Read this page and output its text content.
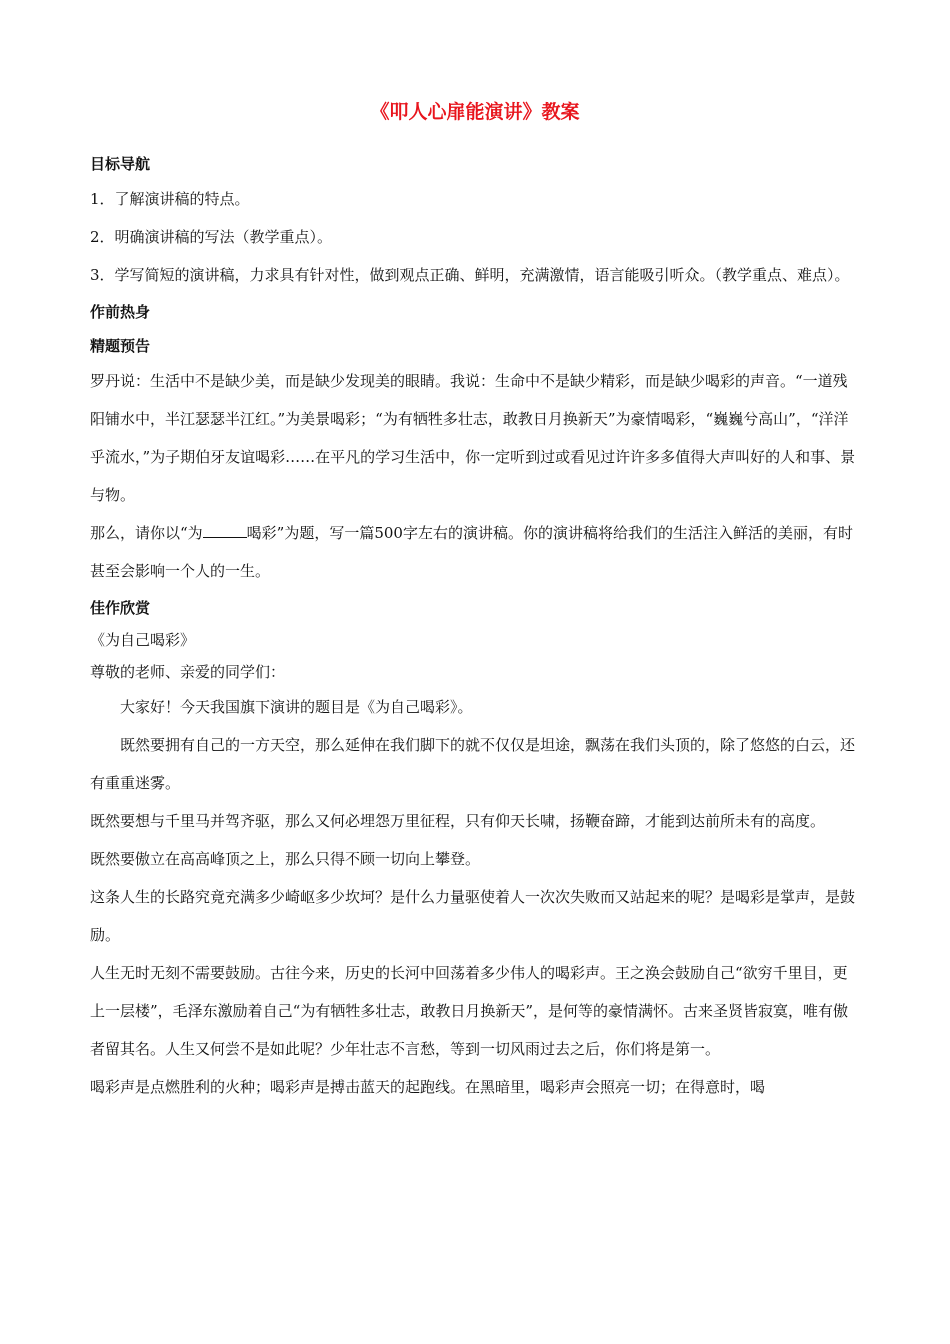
《叩人心扉能演讲》教案
目标导航

1．了解演讲稿的特点。

2．明确演讲稿的写法（教学重点）。

3．学写简短的演讲稿，力求具有针对性，做到观点正确、鲜明，充满激情，语言能吸引听众。（教学重点、难点）。

作前热身
精题预告

罗丹说：生活中不是缺少美，而是缺少发现美的眼睛。我说：生命中不是缺少精彩，而是缺少喝彩的声音。“一道残阳铺水中，半江瑟瑟半江红。”为美景喝彩；“为有牺牲多壮志，敢教日月换新天”为豪情喝彩，“巍巍兮高山”，“洋洋乎流水，”为子期伯牙友谊喝彩……在平凡的学习生活中，你一定听到过或看见过许许多多值得大声叫好的人和事、景与物。

那么，请你以“为	喝彩”为题，写一篇500字左右的演讲稿。你的演讲稿将给我们的生活注入鲜活的美丽，有时甚至会影响一个人的一生。

佳作欣赏

《为自己喝彩》

尊敬的老师、亲爱的同学们：

大家好！今天我国旗下演讲的题目是《为自己喝彩》。

既然要拥有自己的一方天空，那么延伸在我们脚下的就不仅仅是坦途，飘荡在我们头顶的，除了悠悠的白云，还有重重迷雾。

既然要想与千里马并驾齐驱，那么又何必埋怨万里征程，只有仰天长啸，扬鞭奋蹄，才能到达前所未有的高度。

既然要傲立在高高峰顶之上，那么只得不顾一切向上攀登。

这条人生的长路究竟充满多少崎岖多少坎坷？是什么力量驱使着人一次次失败而又站起来的呢？是喝彩是掌声，是鼓励。

人生无时无刻不需要鼓励。古往今来，历史的长河中回荡着多少伟人的喝彩声。王之涣会鼓励自己“欲穷千里目，更上一层楼”，毛泽东激励着自己“为有牺牲多壮志，敢教日月换新天”，是何等的豪情满怀。古来圣贤皆寂寞，唯有傲者留其名。人生又何尝不是如此呢？少年壮志不言愁，等到一切风雨过去之后，你们将是第一。

喝彩声是点燃胜利的火种；喝彩声是搏击蓝天的起跑线。在黑暗里，喝彩声会照亮一切；在得意时，喝
